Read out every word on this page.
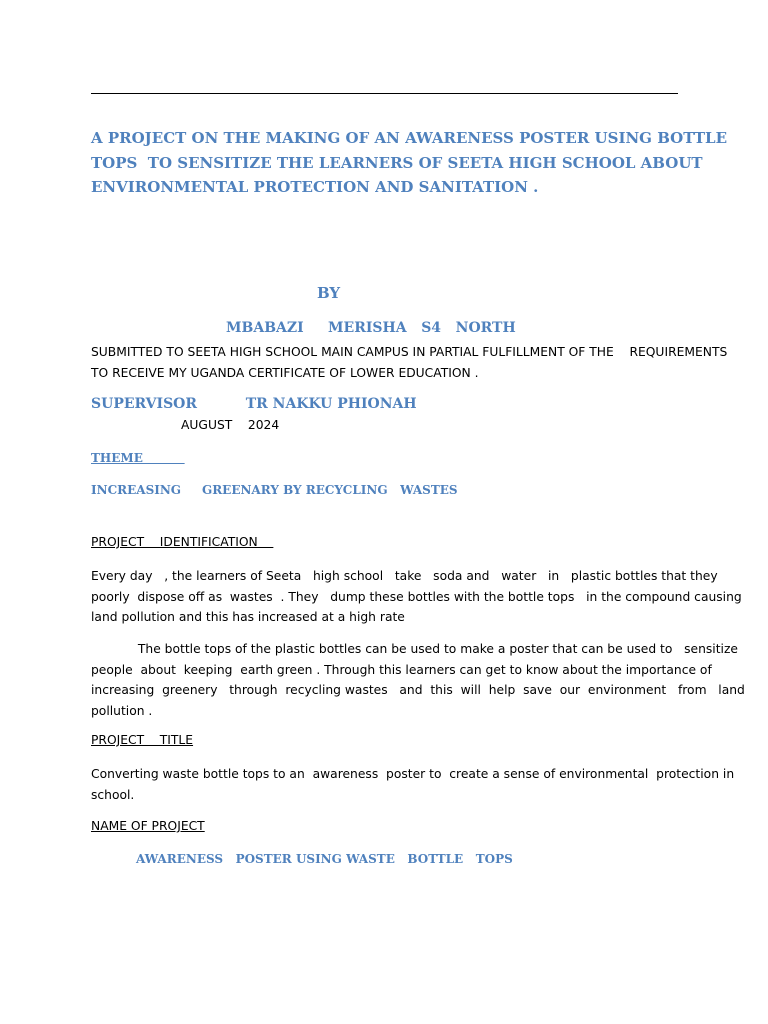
A PROJECT ON THE MAKING OF AN AWARENESS POSTER USING BOTTLE
TOPS  TO SENSITIZE THE LEARNERS OF SEETA HIGH SCHOOL ABOUT
ENVIRONMENTAL PROTECTION AND SANITATION .
BY
MBABAZI     MERISHA   S4   NORTH
SUBMITTED TO SEETA HIGH SCHOOL MAIN CAMPUS IN PARTIAL FULFILLMENT OF THE    REQUIREMENTS
TO RECEIVE MY UGANDA CERTIFICATE OF LOWER EDUCATION .
SUPERVISOR          TR NAKKU PHIONAH
AUGUST    2024
THEME
INCREASING     GREENARY BY RECYCLING   WASTES
PROJECT    IDENTIFICATION
Every day   , the learners of Seeta   high school   take   soda and   water   in   plastic bottles that they
poorly  dispose off as  wastes  . They   dump these bottles with the bottle tops   in the compound causing
land pollution and this has increased at a high rate
The bottle tops of the plastic bottles can be used to make a poster that can be used to   sensitize
people  about  keeping  earth green . Through this learners can get to know about the importance of
increasing  greenery   through  recycling wastes   and  this  will  help  save  our  environment   from   land
pollution .
PROJECT    TITLE
Converting waste bottle tops to an  awareness  poster to  create a sense of environmental  protection in
school.
NAME OF PROJECT
AWARENESS   POSTER USING WASTE   BOTTLE   TOPS
